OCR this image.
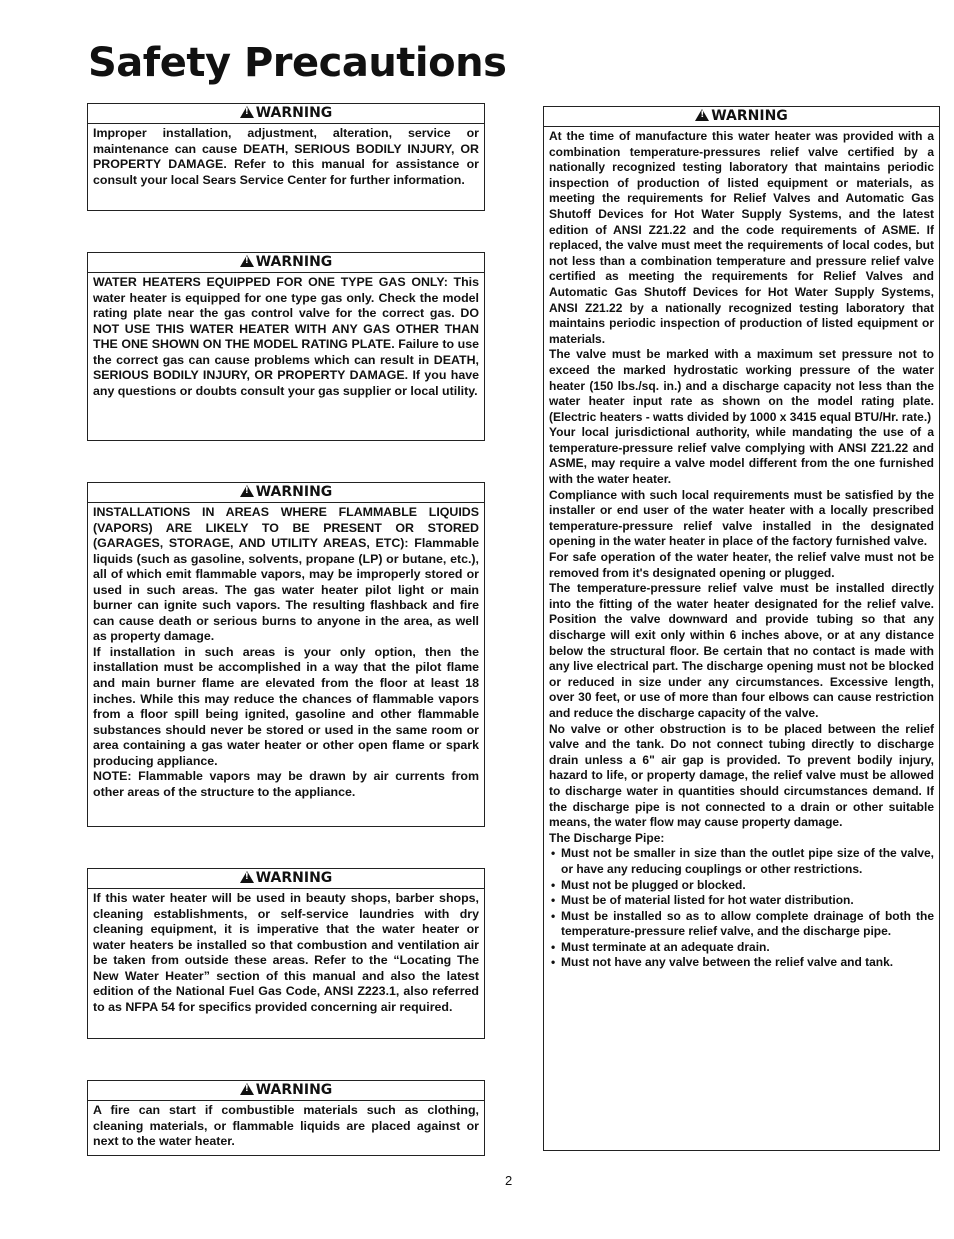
Safety Precautions
!WARNING

Improper installation, adjustment, alteration, service or maintenance can cause DEATH, SERIOUS BODILY INJURY, OR PROPERTY DAMAGE. Refer to this manual for assistance or consult your local Sears Service Center for further information.

!WARNING

WATER HEATERS EQUIPPED FOR ONE TYPE GAS ONLY: This water heater is equipped for one type gas only. Check the model rating plate near the gas control valve for the correct gas. DO NOT USE THIS WATER HEATER WITH ANY GAS OTHER THAN THE ONE SHOWN ON THE MODEL RATING PLATE. Failure to use the correct gas can cause problems which can result in DEATH, SERIOUS BODILY INJURY, OR PROPERTY DAMAGE. If you have any questions or doubts consult your gas supplier or local utility.

!WARNING

INSTALLATIONS IN AREAS WHERE FLAMMABLE LIQUIDS (VAPORS) ARE LIKELY TO BE PRESENT OR STORED (GARAGES, STORAGE, AND UTILITY AREAS, ETC): Flammable liquids (such as gasoline, solvents, propane (LP) or butane, etc.), all of which emit flammable vapors, may be improperly stored or used in such areas. The gas water heater pilot light or main burner can ignite such vapors. The resulting flashback and fire can cause death or serious burns to anyone in the area, as well as property damage.

If installation in such areas is your only option, then the installation must be accomplished in a way that the pilot flame and main burner flame are elevated from the floor at least 18 inches. While this may reduce the chances of flammable vapors from a floor spill being ignited, gasoline and other flammable substances should never be stored or used in the same room or area containing a gas water heater or other open flame or spark producing appliance.

NOTE: Flammable vapors may be drawn by air currents from other areas of the structure to the appliance.

!WARNING

If this water heater will be used in beauty shops, barber shops, cleaning establishments, or self-service laundries with dry cleaning equipment, it is imperative that the water heater or water heaters be installed so that combustion and ventilation air be taken from outside these areas. Refer to the “Locating The New Water Heater” section of this manual and also the latest edition of the National Fuel Gas Code, ANSI Z223.1, also referred to as NFPA 54 for specifics provided concerning air required.

!WARNING

A fire can start if combustible materials such as clothing, cleaning materials, or flammable liquids are placed against or next to the water heater.

!WARNING

At the time of manufacture this water heater was provided with a combination temperature-pressures relief valve certified by a nationally recognized testing laboratory that maintains periodic inspection of production of listed equipment or materials, as meeting the requirements for Relief Valves and Automatic Gas Shutoff Devices for Hot Water Supply Systems, and the latest edition of ANSI Z21.22 and the code requirements of ASME. If replaced, the valve must meet the requirements of local codes, but not less than a combination temperature and pressure relief valve certified as meeting the requirements for Relief Valves and Automatic Gas Shutoff Devices for Hot Water Supply Systems, ANSI Z21.22 by a nationally recognized testing laboratory that maintains periodic inspection of production of listed equipment or materials.

The valve must be marked with a maximum set pressure not to exceed the marked hydrostatic working pressure of the water heater (150 lbs./sq. in.) and a discharge capacity not less than the water heater input rate as shown on the model rating plate. (Electric heaters - watts divided by 1000 x 3415 equal BTU/Hr. rate.)

Your local jurisdictional authority, while mandating the use of a temperature-pressure relief valve complying with ANSI Z21.22 and ASME, may require a valve model different from the one furnished with the water heater.

Compliance with such local requirements must be satisfied by the installer or end user of the water heater with a locally prescribed temperature-pressure relief valve installed in the designated opening in the water heater in place of the factory furnished valve.

For safe operation of the water heater, the relief valve must not be removed from it's designated opening or plugged.

The temperature-pressure relief valve must be installed directly into the fitting of the water heater designated for the relief valve. Position the valve downward and provide tubing so that any discharge will exit only within 6 inches above, or at any distance below the structural floor. Be certain that no contact is made with any live electrical part. The discharge opening must not be blocked or reduced in size under any circumstances. Excessive length, over 30 feet, or use of more than four elbows can cause restriction and reduce the discharge capacity of the valve.

No valve or other obstruction is to be placed between the relief valve and the tank. Do not connect tubing directly to discharge drain unless a 6" air gap is provided. To prevent bodily injury, hazard to life, or property damage, the relief valve must be allowed to discharge water in quantities should circumstances demand. If the discharge pipe is not connected to a drain or other suitable means, the water flow may cause property damage.

The Discharge Pipe:

• Must not be smaller in size than the outlet pipe size of the valve, or have any reducing couplings or other restrictions.
• Must not be plugged or blocked.
• Must be of material listed for hot water distribution.
• Must be installed so as to allow complete drainage of both the temperature-pressure relief valve, and the discharge pipe.
• Must terminate at an adequate drain.
• Must not have any valve between the relief valve and tank.
2
